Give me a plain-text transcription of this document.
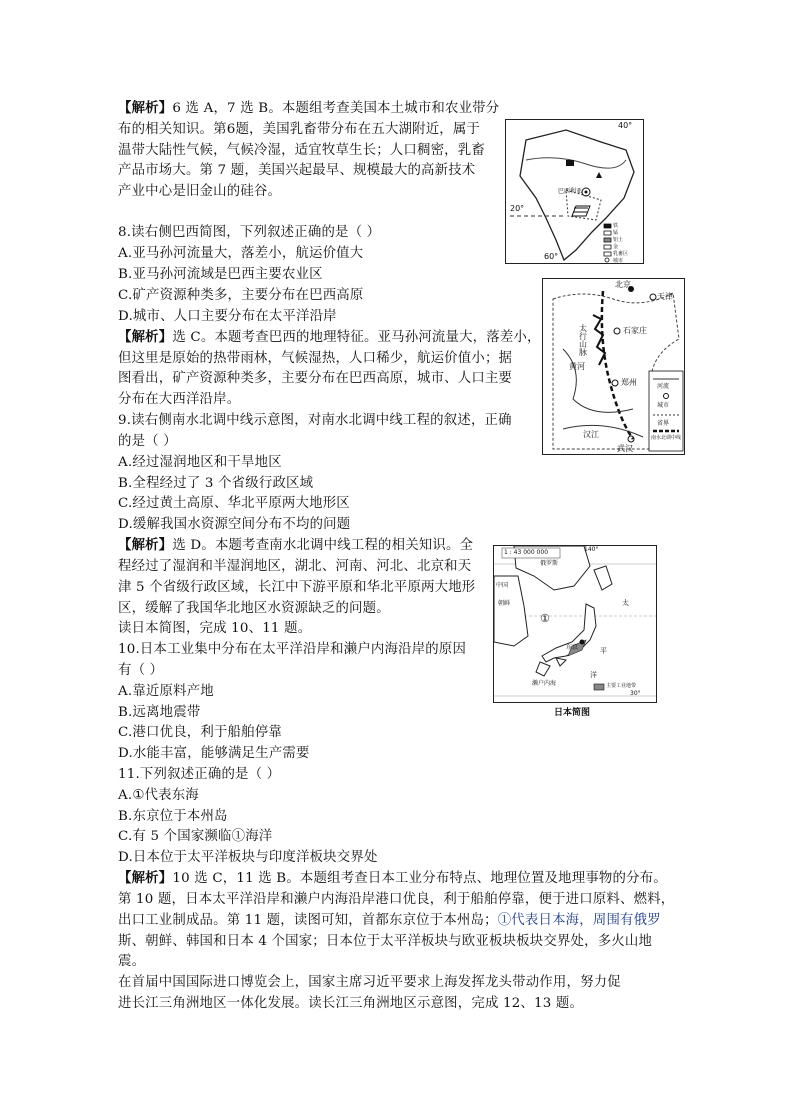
【解析】6 选 A，7 选 B。本题组考查美国本土城市和农业带分
布的相关知识。第6题，美国乳畜带分布在五大湖附近，属于
温带大陆性气候，气候冷湿，适宜牧草生长；人口稠密，乳畜
产品市场大。第 7 题，美国兴起最早、规模最大的高新技术
产业中心是旧金山的硅谷。
8.读右侧巴西简图，下列叙述正确的是（ ）
A.亚马孙河流量大，落差小，航运价值大
B.亚马孙河流域是巴西主要农业区
C.矿产资源种类多，主要分布在巴西高原
D.城市、人口主要分布在太平洋沿岸
【解析】选 C。本题考查巴西的地理特征。亚马孙河流量大，落差小，
但这里是原始的热带雨林，气候湿热，人口稀少，航运价值小；据
图看出，矿产资源种类多，主要分布在巴西高原，城市、人口主要
分布在大西洋沿岸。
9.读右侧南水北调中线示意图，对南水北调中线工程的叙述，正确
的是（ ）
A.经过湿润地区和干旱地区
B.全程经过了 3 个省级行政区域
C.经过黄土高原、华北平原两大地形区
D.缓解我国水资源空间分布不均的问题
【解析】选 D。本题考查南水北调中线工程的相关知识。全
程经过了湿润和半湿润地区，湖北、河南、河北、北京和天
津 5 个省级行政区域，长江中下游平原和华北平原两大地形
区，缓解了我国华北地区水资源缺乏的问题。
读日本简图，完成 10、11 题。
10.日本工业集中分布在太平洋沿岸和濑户内海沿岸的原因
有（ ）
A.靠近原料产地
B.远离地震带
C.港口优良，利于船舶停靠
D.水能丰富，能够满足生产需要
11.下列叙述正确的是（ ）
A.①代表东海
B.东京位于本州岛
C.有 5 个国家濒临①海洋
D.日本位于太平洋板块与印度洋板块交界处
【解析】10 选 C，11 选 B。本题组考查日本工业分布特点、地理位置及地理事物的分布。
第 10 题，日本太平洋沿岸和濑户内海沿岸港口优良，利于船舶停靠，便于进口原料、燃料，
出口工业制成品。第 11 题，读图可知，首都东京位于本州岛；①代表日本海，周围有俄罗
斯、朝鲜、韩国和日本 4 个国家；日本位于太平洋板块与欧亚板块板块交界处，多火山地
震。
在首届中国国际进口博览会上，国家主席习近平要求上海发挥龙头带动作用，努力促
进长江三角洲地区一体化发展。读长江三角洲地区示意图，完成 12、13 题。
40°
20°
60°
巴西利亚
铁
锰
铝土
金
乳畜区
城市
北京
天津
石家庄
郑州
武汉
黄河
汉江
太行山脉
河流
城市
省界
南水北调中线
1 : 43 000 000	140°
俄罗斯
中国
朝鲜
①
东京
濑户内海
太
平
洋
30°
主要工业地带
日本简图
